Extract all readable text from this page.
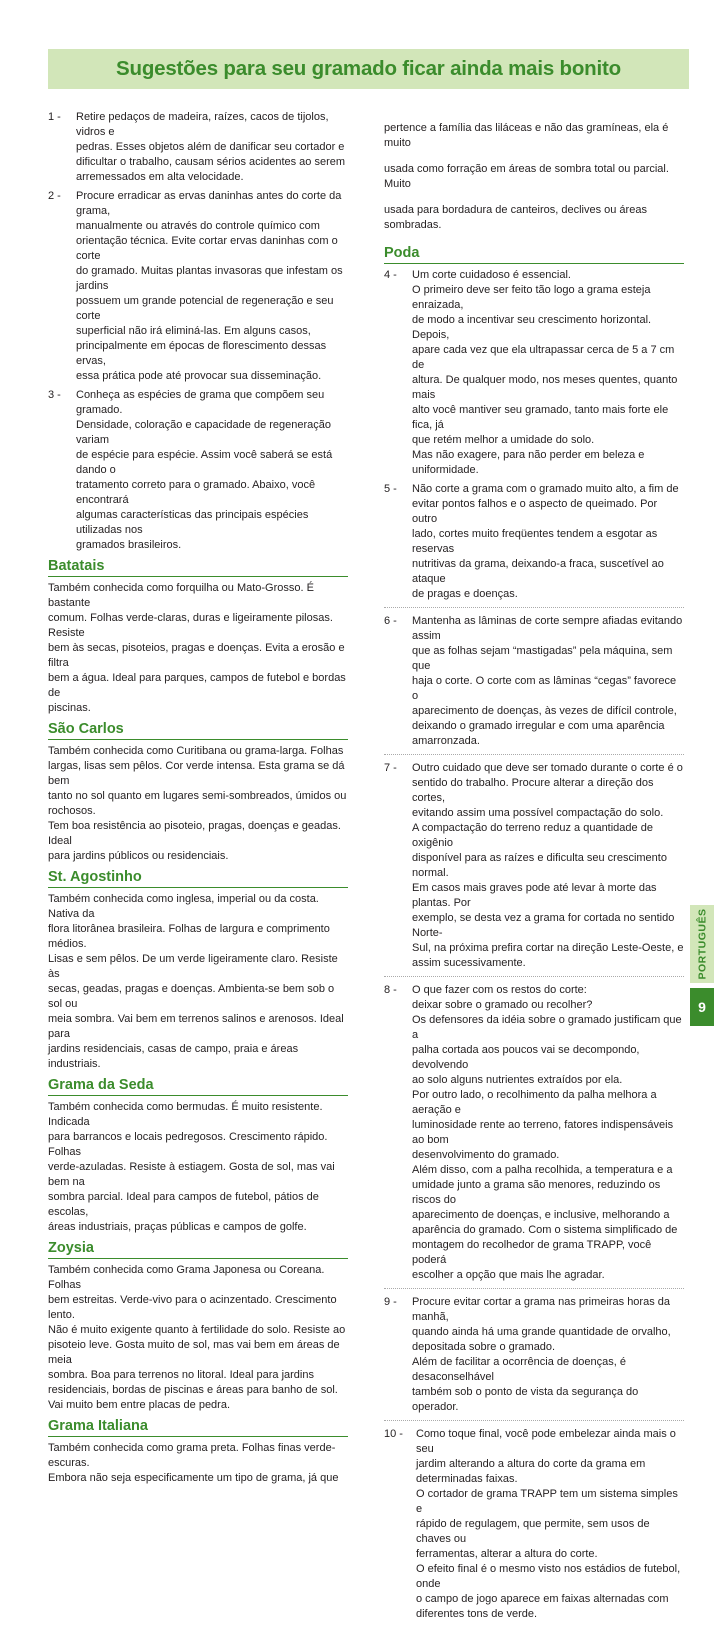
Sugestões para seu gramado ficar ainda mais bonito
1 -	Retire pedaços de madeira, raízes, cacos de tijolos, vidros e

pedras. Esses objetos além de danificar seu cortador e

dificultar o trabalho, causam sérios acidentes ao serem

arremessados em alta velocidade.

2 -	Procure erradicar as ervas daninhas antes do corte da grama,

manualmente ou através do controle químico com

orientação técnica. Evite cortar ervas daninhas com o corte

do gramado. Muitas plantas invasoras que infestam os jardins

possuem um grande potencial de regeneração e seu corte

superficial não irá eliminá-las. Em alguns casos,

principalmente em épocas de florescimento dessas ervas,

essa prática pode até provocar sua disseminação.

3 -	Conheça as espécies de grama que compõem seu gramado.

Densidade, coloração e capacidade de regeneração variam

de espécie para espécie. Assim você saberá se está dando o

tratamento correto para o gramado. Abaixo, você encontrará

algumas características das principais espécies utilizadas nos

gramados brasileiros.

Batatais

Também conhecida como forquilha ou Mato-Grosso. É bastante

comum. Folhas verde-claras, duras e ligeiramente pilosas. Resiste

bem às secas, pisoteios, pragas e doenças. Evita a erosão e filtra

bem a água. Ideal para parques, campos de futebol e bordas de

piscinas.

São Carlos

Também conhecida como Curitibana ou grama-larga. Folhas

largas, lisas sem pêlos. Cor verde intensa. Esta grama se dá bem

tanto no sol quanto em lugares semi-sombreados, úmidos ou

rochosos.

Tem boa resistência ao pisoteio, pragas, doenças e geadas. Ideal

para jardins públicos ou residenciais.

St. Agostinho

Também conhecida como inglesa, imperial ou da costa. Nativa da

flora litorânea brasileira. Folhas de largura e comprimento médios.

Lisas e sem pêlos. De um verde ligeiramente claro. Resiste às

secas, geadas, pragas e doenças. Ambienta-se bem sob o sol ou

meia sombra. Vai bem em terrenos salinos e arenosos. Ideal para

jardins residenciais, casas de campo, praia e áreas industriais.

Grama da Seda

Também conhecida como bermudas. É muito resistente. Indicada

para barrancos e locais pedregosos. Crescimento rápido. Folhas

verde-azuladas. Resiste à estiagem. Gosta de sol, mas vai bem na

sombra parcial. Ideal para campos de futebol, pátios de escolas,

áreas industriais, praças públicas e campos de golfe.

Zoysia

Também conhecida como Grama Japonesa ou Coreana. Folhas

bem estreitas. Verde-vivo para o acinzentado. Crescimento lento.

Não é muito exigente quanto à fertilidade do solo. Resiste ao

pisoteio leve. Gosta muito de sol, mas vai bem em áreas de meia

sombra. Boa para terrenos no litoral. Ideal para jardins

residenciais, bordas de piscinas e áreas para banho de sol.

Vai muito bem entre placas de pedra.

Grama Italiana

Também conhecida como grama preta. Folhas finas verde-escuras.

Embora não seja especificamente um tipo de grama, já que

pertence a família das liláceas e não das gramíneas, ela é muito

usada como forração em áreas de sombra total ou parcial. Muito

usada para bordadura de canteiros, declives ou áreas sombradas.

Poda
4 -	Um corte cuidadoso é essencial.

O primeiro deve ser feito tão logo a grama esteja enraizada,

de modo a incentivar seu crescimento horizontal. Depois,

apare cada vez que ela ultrapassar cerca de 5 a 7 cm de

altura. De qualquer modo, nos meses quentes, quanto mais

alto você mantiver seu gramado, tanto mais forte ele fica, já

que retém melhor a umidade do solo.

Mas não exagere, para não perder em beleza e

uniformidade.

5 -	Não corte a grama com o gramado muito alto, a fim de

evitar pontos falhos e o aspecto de queimado. Por outro

lado, cortes muito freqüentes tendem a esgotar as reservas

nutritivas da grama, deixando-a fraca, suscetível ao ataque

de pragas e doenças.

6 -	Mantenha as lâminas de corte sempre afiadas evitando assim

que as folhas sejam “mastigadas” pela máquina, sem que

haja o corte. O corte com as lâminas “cegas” favorece o

aparecimento de doenças, às vezes de difícil controle,

deixando o gramado irregular e com uma aparência

amarronzada.

7 -	Outro cuidado que deve ser tomado durante o corte é o

sentido do trabalho. Procure alterar a direção dos cortes,

evitando assim uma possível compactação do solo.

A compactação do terreno reduz a quantidade de oxigênio

disponível para as raízes e dificulta seu crescimento normal.

Em casos mais graves pode até levar à morte das plantas. Por

exemplo, se desta vez a grama for cortada no sentido Norte-

Sul, na próxima prefira cortar na direção Leste-Oeste, e

assim sucessivamente.

8 -	O que fazer com os restos do corte:

deixar sobre o gramado ou recolher?

Os defensores da idéia sobre o gramado justificam que a

palha cortada aos poucos vai se decompondo, devolvendo

ao solo alguns nutrientes extraídos por ela.

Por outro lado, o recolhimento da palha melhora a aeração e

luminosidade rente ao terreno, fatores indispensáveis ao bom

desenvolvimento do gramado.

Além disso, com a palha recolhida, a temperatura e a

umidade junto a grama são menores, reduzindo os riscos do

aparecimento de doenças, e inclusive, melhorando a

aparência do gramado. Com o sistema simplificado de

montagem do recolhedor de grama TRAPP, você poderá

escolher a opção que mais lhe agradar.

9 -	Procure evitar cortar a grama nas primeiras horas da manhã,

quando ainda há uma grande quantidade de orvalho,

depositada sobre o gramado.

Além de facilitar a ocorrência de doenças, é desaconselhável

também sob o ponto de vista da segurança do operador.

10 -	Como toque final, você pode embelezar ainda mais o seu

jardim alterando a altura do corte da grama em

determinadas faixas.

O cortador de grama TRAPP tem um sistema simples e

rápido de regulagem, que permite, sem usos de chaves ou

ferramentas, alterar a altura do corte.

O efeito final é o mesmo visto nos estádios de futebol, onde

o campo de jogo aparece em faixas alternadas com

diferentes tons de verde.

PORTUGUÊS
9
